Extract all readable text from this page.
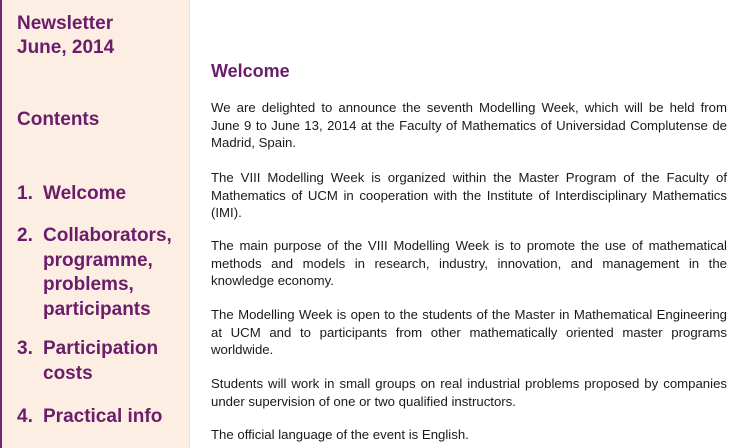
Newsletter
June, 2014
Contents
1. Welcome
2. Collaborators,
programme,
problems,
participants
3. Participation
costs
4. Practical info
Welcome

We are delighted to announce the seventh Modelling Week, which will be held from June 9 to June 13, 2014 at the Faculty of Mathematics of Universidad Complutense de Madrid, Spain.

The VIII Modelling Week is organized within the Master Program of the Faculty of Mathematics of UCM in cooperation with the Institute of Interdisciplinary Mathematics (IMI).

The main purpose of the VIII Modelling Week is to promote the use of mathematical methods and models in research, industry, innovation, and management in the knowledge economy.

The Modelling Week is open to the students of the Master in Mathematical Engineering at UCM and to participants from other mathematically oriented master programs worldwide.

Students will work in small groups on real industrial problems proposed by companies under supervision of one or two qualified instructors.

The official language of the event is English.
